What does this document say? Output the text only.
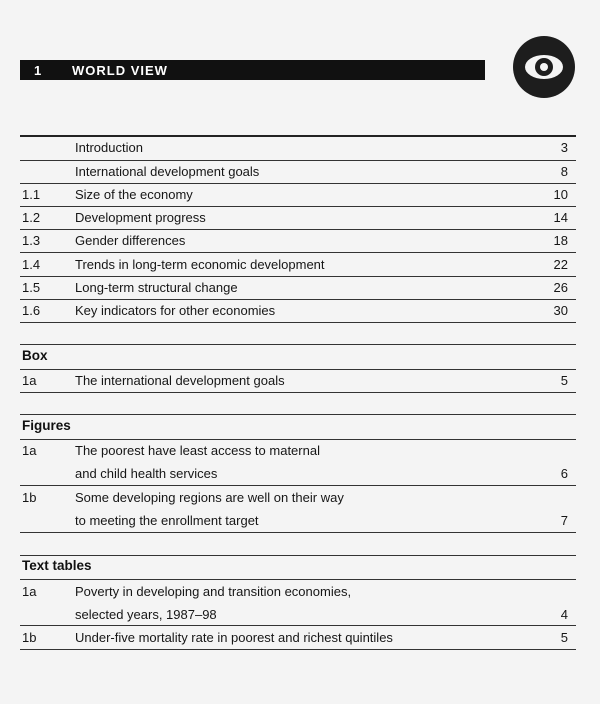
1	WORLD VIEW
Introduction	3
International development goals	8
1.1	Size of the economy	10
1.2	Development progress	14
1.3	Gender differences	18
1.4	Trends in long-term economic development	22
1.5	Long-term structural change	26
1.6	Key indicators for other economies	30
Box
1a	The international development goals	5
Figures
1a	The poorest have least access to maternal
and child health services	6
1b	Some developing regions are well on their way
to meeting the enrollment target	7
Text tables
1a	Poverty in developing and transition economies,
selected years, 1987–98	4
1b	Under-five mortality rate in poorest and richest quintiles	5
